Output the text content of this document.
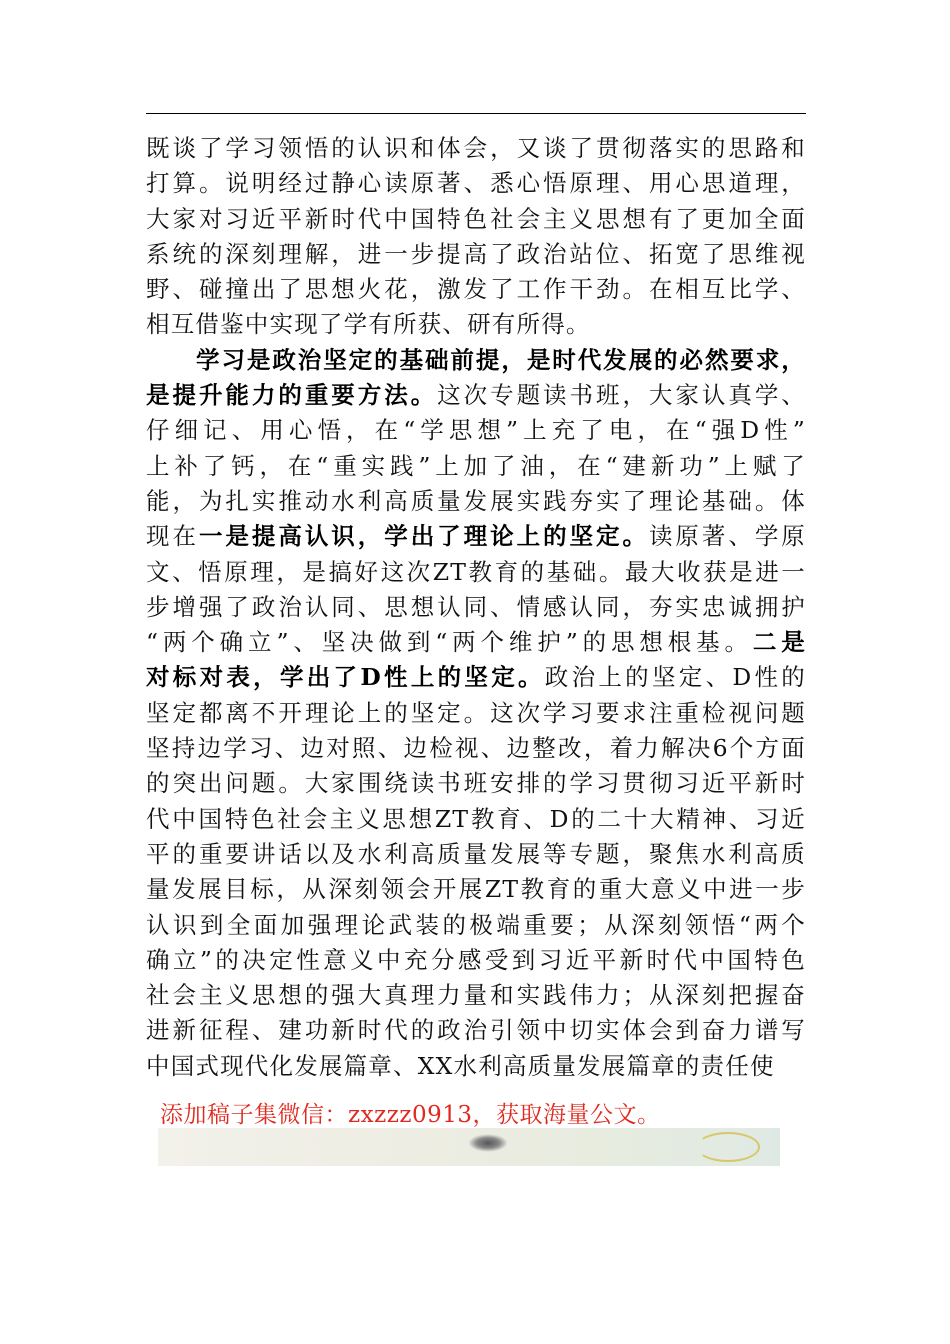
既谈了学习领悟的认识和体会，又谈了贯彻落实的思路和
打算。说明经过静心读原著、悉心悟原理、用心思道理，
大家对习近平新时代中国特色社会主义思想有了更加全面
系统的深刻理解，进一步提高了政治站位、拓宽了思维视
野、碰撞出了思想火花，激发了工作干劲。在相互比学、
相互借鉴中实现了学有所获、研有所得。
学习是政治坚定的基础前提，是时代发展的必然要求，
是提升能力的重要方法。这次专题读书班，大家认真学、
仔细记、用心悟，在“学思想”上充了电，在“强D性”
上补了钙，在“重实践”上加了油，在“建新功”上赋了
能，为扎实推动水利高质量发展实践夯实了理论基础。体
现在一是提高认识，学出了理论上的坚定。读原著、学原
文、悟原理，是搞好这次ZT教育的基础。最大收获是进一
步增强了政治认同、思想认同、情感认同，夯实忠诚拥护
“两个确立”、坚决做到“两个维护”的思想根基。二是
对标对表，学出了D性上的坚定。政治上的坚定、D性的
坚定都离不开理论上的坚定。这次学习要求注重检视问题
坚持边学习、边对照、边检视、边整改，着力解决6个方面
的突出问题。大家围绕读书班安排的学习贯彻习近平新时
代中国特色社会主义思想ZT教育、D的二十大精神、习近
平的重要讲话以及水利高质量发展等专题，聚焦水利高质
量发展目标，从深刻领会开展ZT教育的重大意义中进一步
认识到全面加强理论武装的极端重要；从深刻领悟“两个
确立”的决定性意义中充分感受到习近平新时代中国特色
社会主义思想的强大真理力量和实践伟力；从深刻把握奋
进新征程、建功新时代的政治引领中切实体会到奋力谱写
中国式现代化发展篇章、XX水利高质量发展篇章的责任使
添加稿子集微信：zxzzz0913，获取海量公文。
